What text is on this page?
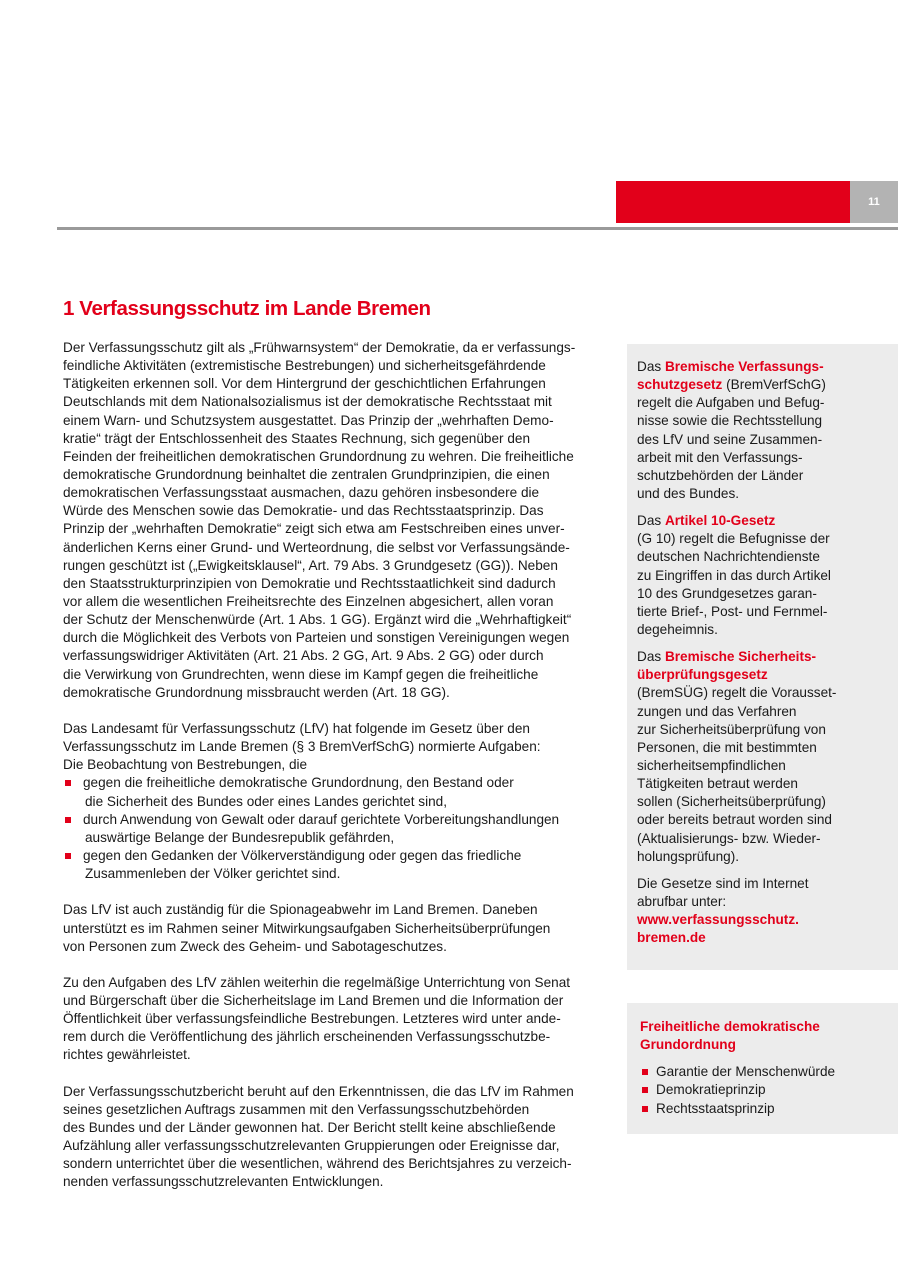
11
1 Verfassungsschutz im Lande Bremen
Der Verfassungsschutz gilt als „Frühwarnsystem“ der Demokratie, da er verfassungs-
feindliche Aktivitäten (extremistische Bestrebungen) und sicherheitsgefährdende
Tätigkeiten erkennen soll. Vor dem Hintergrund der geschichtlichen Erfahrungen
Deutschlands mit dem Nationalsozialismus ist der demokratische Rechtsstaat mit
einem Warn- und Schutzsystem ausgestattet. Das Prinzip der „wehrhaften Demo-
kratie“ trägt der Entschlossenheit des Staates Rechnung, sich gegenüber den
Feinden der freiheitlichen demokratischen Grundordnung zu wehren. Die freiheitliche
demokratische Grundordnung beinhaltet die zentralen Grundprinzipien, die einen
demokratischen Verfassungsstaat ausmachen, dazu gehören insbesondere die
Würde des Menschen sowie das Demokratie- und das Rechtsstaatsprinzip. Das
Prinzip der „wehrhaften Demokratie“ zeigt sich etwa am Festschreiben eines unver-
änderlichen Kerns einer Grund- und Werteordnung, die selbst vor Verfassungsände-
rungen geschützt ist („Ewigkeitsklausel“, Art. 79 Abs. 3 Grundgesetz (GG)). Neben
den Staatsstrukturprinzipien von Demokratie und Rechtsstaatlichkeit sind dadurch
vor allem die wesentlichen Freiheitsrechte des Einzelnen abgesichert, allen voran
der Schutz der Menschenwürde (Art. 1 Abs. 1 GG). Ergänzt wird die „Wehrhaftigkeit“
durch die Möglichkeit des Verbots von Parteien und sonstigen Vereinigungen wegen
verfassungswidriger Aktivitäten (Art. 21 Abs. 2 GG, Art. 9 Abs. 2 GG) oder durch
die Verwirkung von Grundrechten, wenn diese im Kampf gegen die freiheitliche
demokratische Grundordnung missbraucht werden (Art. 18 GG).
Das Landesamt für Verfassungsschutz (LfV) hat folgende im Gesetz über den
Verfassungsschutz im Lande Bremen (§ 3 BremVerfSchG) normierte Aufgaben:
Die Beobachtung von Bestrebungen, die
gegen die freiheitliche demokratische Grundordnung, den Bestand oder
die Sicherheit des Bundes oder eines Landes gerichtet sind,
durch Anwendung von Gewalt oder darauf gerichtete Vorbereitungshandlungen
auswärtige Belange der Bundesrepublik gefährden,
gegen den Gedanken der Völkerverständigung oder gegen das friedliche
Zusammenleben der Völker gerichtet sind.
Das LfV ist auch zuständig für die Spionageabwehr im Land Bremen. Daneben
unterstützt es im Rahmen seiner Mitwirkungsaufgaben Sicherheitsüberprüfungen
von Personen zum Zweck des Geheim- und Sabotageschutzes.
Zu den Aufgaben des LfV zählen weiterhin die regelmäßige Unterrichtung von Senat
und Bürgerschaft über die Sicherheitslage im Land Bremen und die Information der
Öffentlichkeit über verfassungsfeindliche Bestrebungen. Letzteres wird unter ande-
rem durch die Veröffentlichung des jährlich erscheinenden Verfassungsschutzbe-
richtes gewährleistet.
Der Verfassungsschutzbericht beruht auf den Erkenntnissen, die das LfV im Rahmen
seines gesetzlichen Auftrags zusammen mit den Verfassungsschutzbehörden
des Bundes und der Länder gewonnen hat. Der Bericht stellt keine abschließende
Aufzählung aller verfassungsschutzrelevanten Gruppierungen oder Ereignisse dar,
sondern unterrichtet über die wesentlichen, während des Berichtsjahres zu verzeich-
nenden verfassungsschutzrelevanten Entwicklungen.
Das Bremische Verfassungs-
schutzgesetz (BremVerfSchG)
regelt die Aufgaben und Befug-
nisse sowie die Rechtsstellung
des LfV und seine Zusammen-
arbeit mit den Verfassungs-
schutzbehörden der Länder
und des Bundes.
Das Artikel 10-Gesetz
(G 10) regelt die Befugnisse der
deutschen Nachrichtendienste
zu Eingriffen in das durch Artikel
10 des Grundgesetzes garan-
tierte Brief-, Post- und Fernmel-
degeheimnis.
Das Bremische Sicherheits-
überprüfungsgesetz
(BremSÜG) regelt die Vorausset-
zungen und das Verfahren
zur Sicherheitsüberprüfung von
Personen, die mit bestimmten
sicherheitsempfindlichen
Tätigkeiten betraut werden
sollen (Sicherheitsüberprüfung)
oder bereits betraut worden sind
(Aktualisierungs- bzw. Wieder-
holungsprüfung).
Die Gesetze sind im Internet
abrufbar unter:
www.verfassungsschutz.
bremen.de
Freiheitliche demokratische
Grundordnung
Garantie der Menschenwürde
Demokratieprinzip
Rechtsstaatsprinzip
